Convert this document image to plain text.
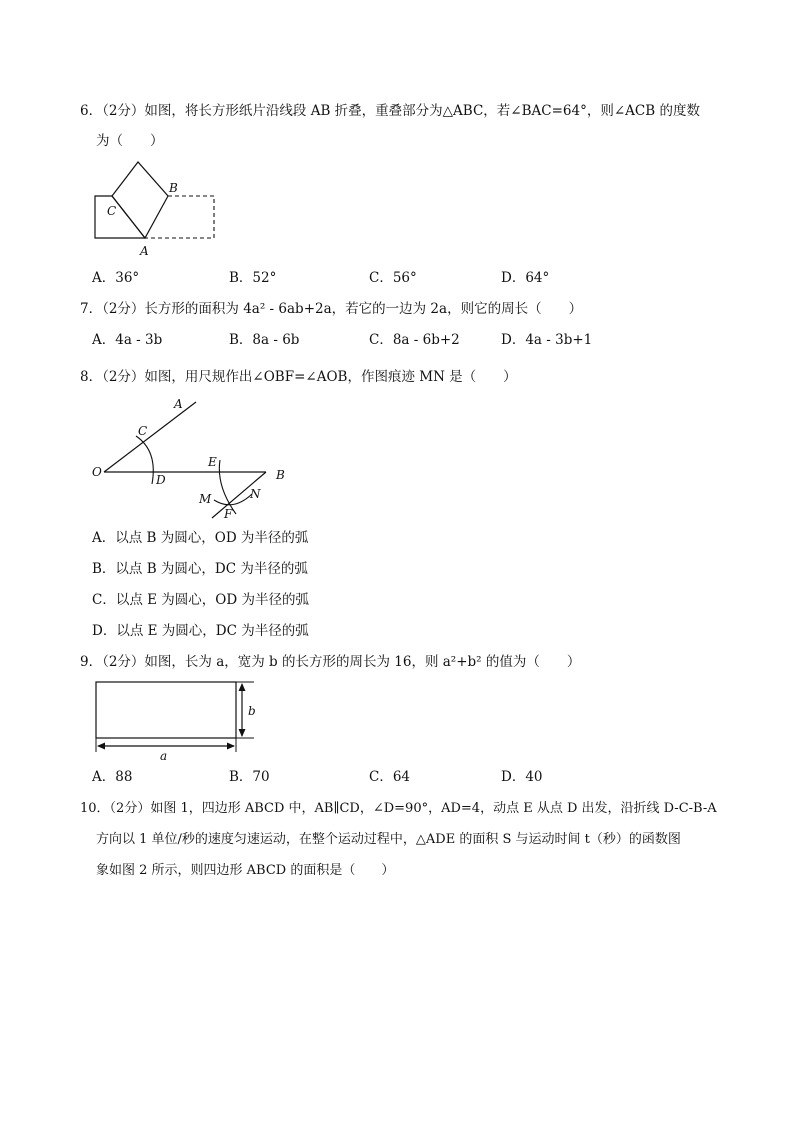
6．（2分）如图，将长方形纸片沿线段 AB 折叠，重叠部分为△ABC，若∠BAC=64°，则∠ACB 的度数
为（　　）
B
C
A
A．36°	B．52°	C．56°	D．64°
7．（2分）长方形的面积为 4a² - 6ab+2a，若它的一边为 2a，则它的周长（　　）
A．4a - 3b	B．8a - 6b	C．8a - 6b+2	D．4a - 3b+1
8．（2分）如图，用尺规作出∠OBF=∠AOB，作图痕迹 MN 是（　　）
A
C
O
D
E
B
M	N
F
A．以点 B 为圆心，OD 为半径的弧
B．以点 B 为圆心，DC 为半径的弧
C．以点 E 为圆心，OD 为半径的弧
D．以点 E 为圆心，DC 为半径的弧
9．（2分）如图，长为 a，宽为 b 的长方形的周长为 16，则 a²+b² 的值为（　　）
b
a
A．88	B．70	C．64	D．40
10．（2分）如图 1，四边形 ABCD 中，AB∥CD，∠D=90°，AD=4，动点 E 从点 D 出发，沿折线 D-C-B-A
方向以 1 单位/秒的速度匀速运动，在整个运动过程中，△ADE 的面积 S 与运动时间 t（秒）的函数图
象如图 2 所示，则四边形 ABCD 的面积是（　　）
